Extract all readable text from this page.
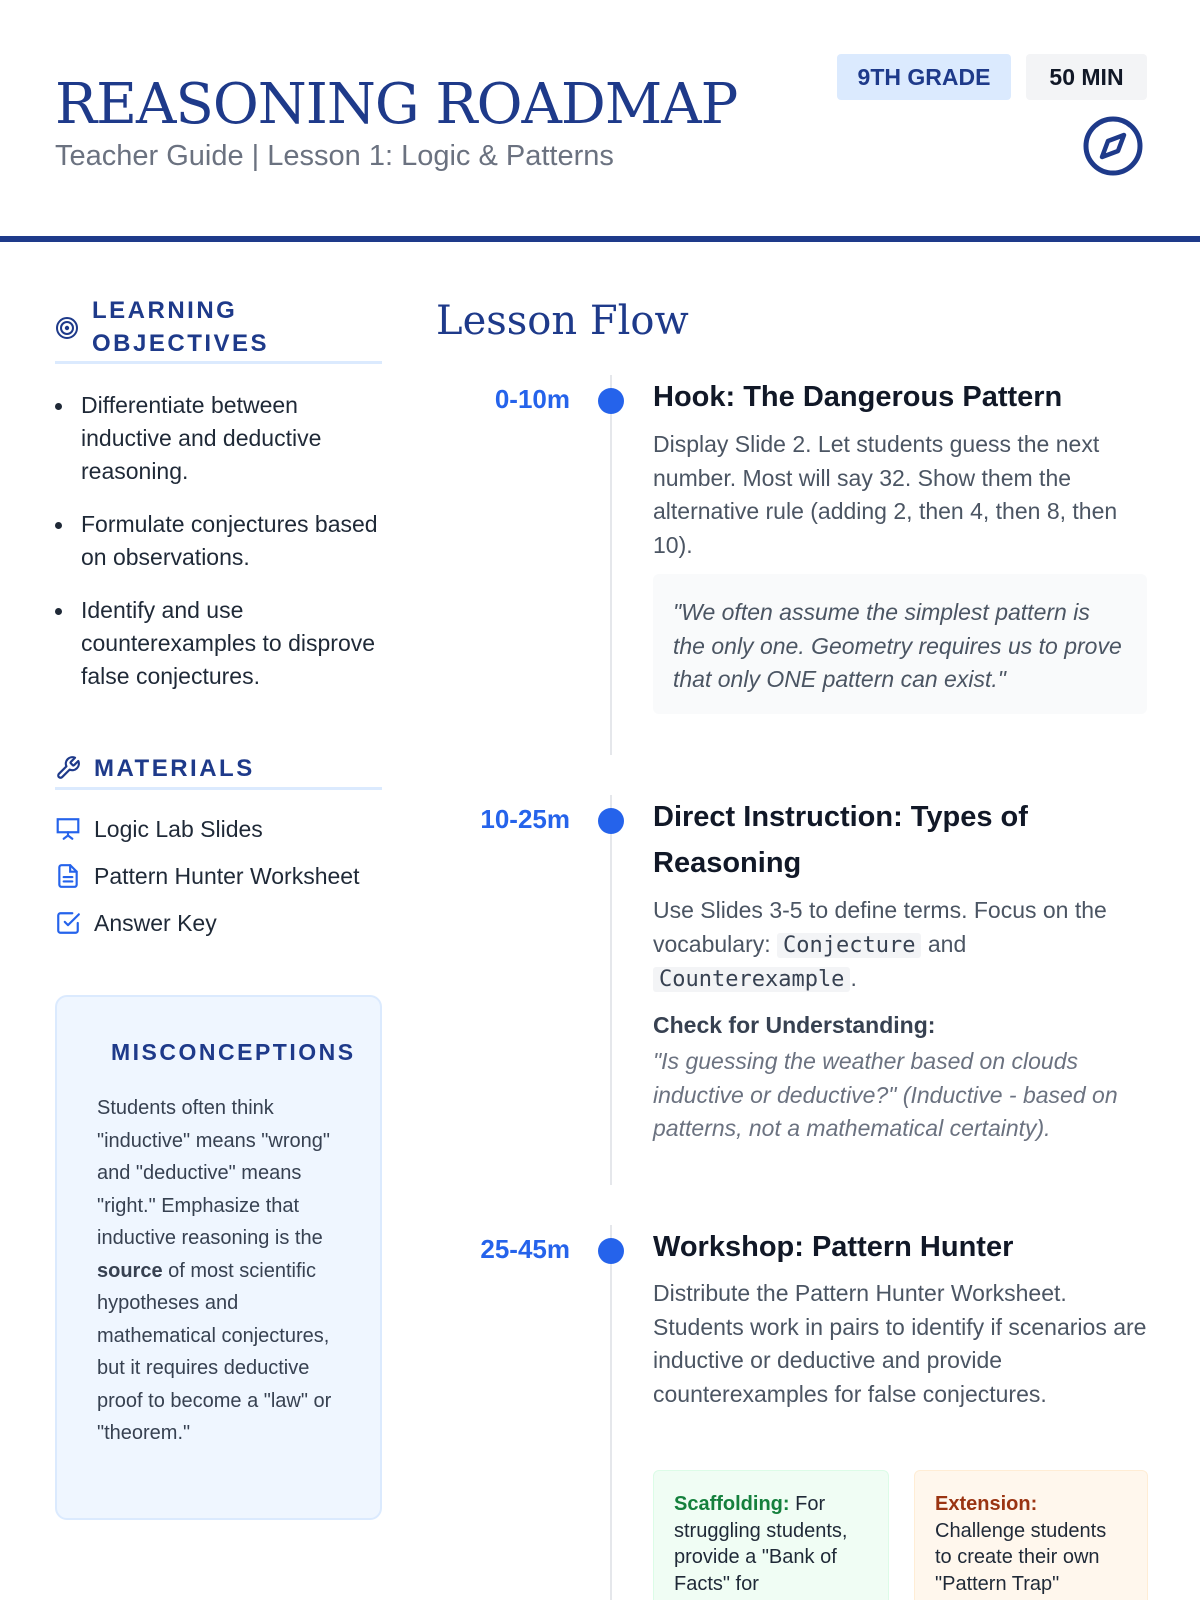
REASONING ROADMAP
Teacher Guide | Lesson 1: Logic & Patterns
9TH GRADE	50 MIN
LEARNING
OBJECTIVES
Differentiate between inductive and deductive reasoning.
Formulate conjectures based on observations.
Identify and use counterexamples to disprove false conjectures.
MATERIALS
Logic Lab Slides
Pattern Hunter Worksheet
Answer Key
MISCONCEPTIONS
Students often think "inductive" means "wrong" and "deductive" means "right." Emphasize that inductive reasoning is the source of most scientific hypotheses and mathematical conjectures, but it requires deductive proof to become a "law" or "theorem."
Lesson Flow
0-10m	Hook: The Dangerous Pattern
Display Slide 2. Let students guess the next number. Most will say 32. Show them the alternative rule (adding 2, then 4, then 8, then 10).
"We often assume the simplest pattern is the only one. Geometry requires us to prove that only ONE pattern can exist."
10-25m	Direct Instruction: Types of Reasoning
Use Slides 3-5 to define terms. Focus on the vocabulary: Conjecture and Counterexample .
Check for Understanding:
"Is guessing the weather based on clouds inductive or deductive?" (Inductive - based on patterns, not a mathematical certainty).
25-45m	Workshop: Pattern Hunter
Distribute the Pattern Hunter Worksheet. Students work in pairs to identify if scenarios are inductive or deductive and provide counterexamples for false conjectures.
Scaffolding: For struggling students, provide a "Bank of Facts" for
Extension: Challenge students to create their own "Pattern Trap"
